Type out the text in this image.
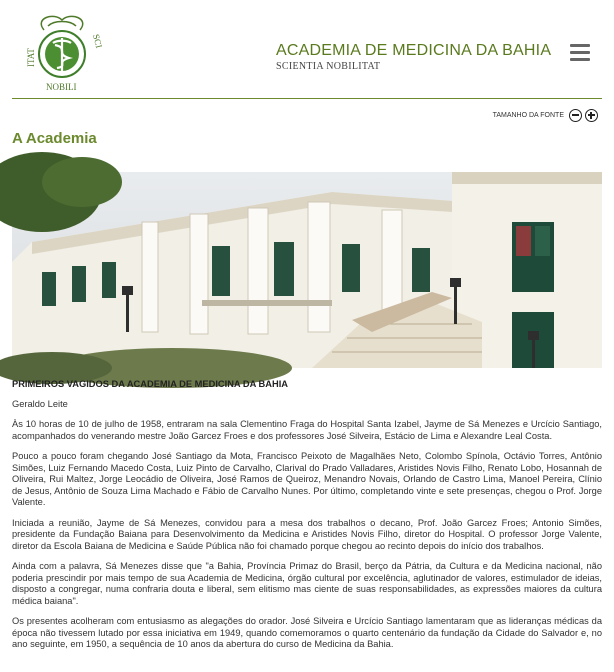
ITAT
SCI
NOBILI
ACADEMIA DE MEDICINA DA BAHIA
SCIENTIA NOBILITAT
TAMANHO DA FONTE
A Academia
PRIMEIROS VAGIDOS DA ACADEMIA DE MEDICINA DA BAHIA

Geraldo Leite

Às 10 horas de 10 de julho de 1958, entraram na sala Clementino Fraga do Hospital Santa Izabel, Jayme de Sá Menezes e Urcício Santiago, acompanhados do venerando mestre João Garcez Froes e dos professores José Silveira, Estácio de Lima e Alexandre Leal Costa.

Pouco a pouco foram chegando José Santiago da Mota, Francisco Peixoto de Magalhães Neto, Colombo Spínola, Octávio Torres, Antônio Simões, Luiz Fernando Macedo Costa, Luiz Pinto de Carvalho, Clarival do Prado Valladares, Aristides Novis Filho, Renato Lobo, Hosannah de Oliveira, Rui Maltez, Jorge Leocádio de Oliveira, José Ramos de Queiroz, Menandro Novais, Orlando de Castro Lima, Manoel Pereira, Clínio de Jesus, Antônio de Souza Lima Machado e Fábio de Carvalho Nunes. Por último, completando vinte e sete presenças, chegou o Prof. Jorge Valente.

Iniciada a reunião, Jayme de Sá Menezes, convidou para a mesa dos trabalhos o decano, Prof. João Garcez Froes; Antonio Simões, presidente da Fundação Baiana para Desenvolvimento da Medicina e Aristides Novis Filho, diretor do Hospital. O professor Jorge Valente, diretor da Escola Baiana de Medicina e Saúde Pública não foi chamado porque chegou ao recinto depois do início dos trabalhos.

Ainda com a palavra, Sá Menezes disse que "a Bahia, Província Primaz do Brasil, berço da Pátria, da Cultura e da Medicina nacional, não poderia prescindir por mais tempo de sua Academia de Medicina, órgão cultural por excelência, aglutinador de valores, estimulador de ideias, disposto a congregar, numa confraria douta e liberal, sem elitismo mas ciente de suas responsabilidades, as expressões maiores da cultura médica baiana".

Os presentes acolheram com entusiasmo as alegações do orador. José Silveira e Urcício Santiago lamentaram que as lideranças médicas da época não tivessem lutado por essa iniciativa em 1949, quando comemoramos o quarto centenário da fundação da Cidade do Salvador e, no ano seguinte, em 1950, a sequência de 10 anos da abertura do curso de Medicina da Bahia.
